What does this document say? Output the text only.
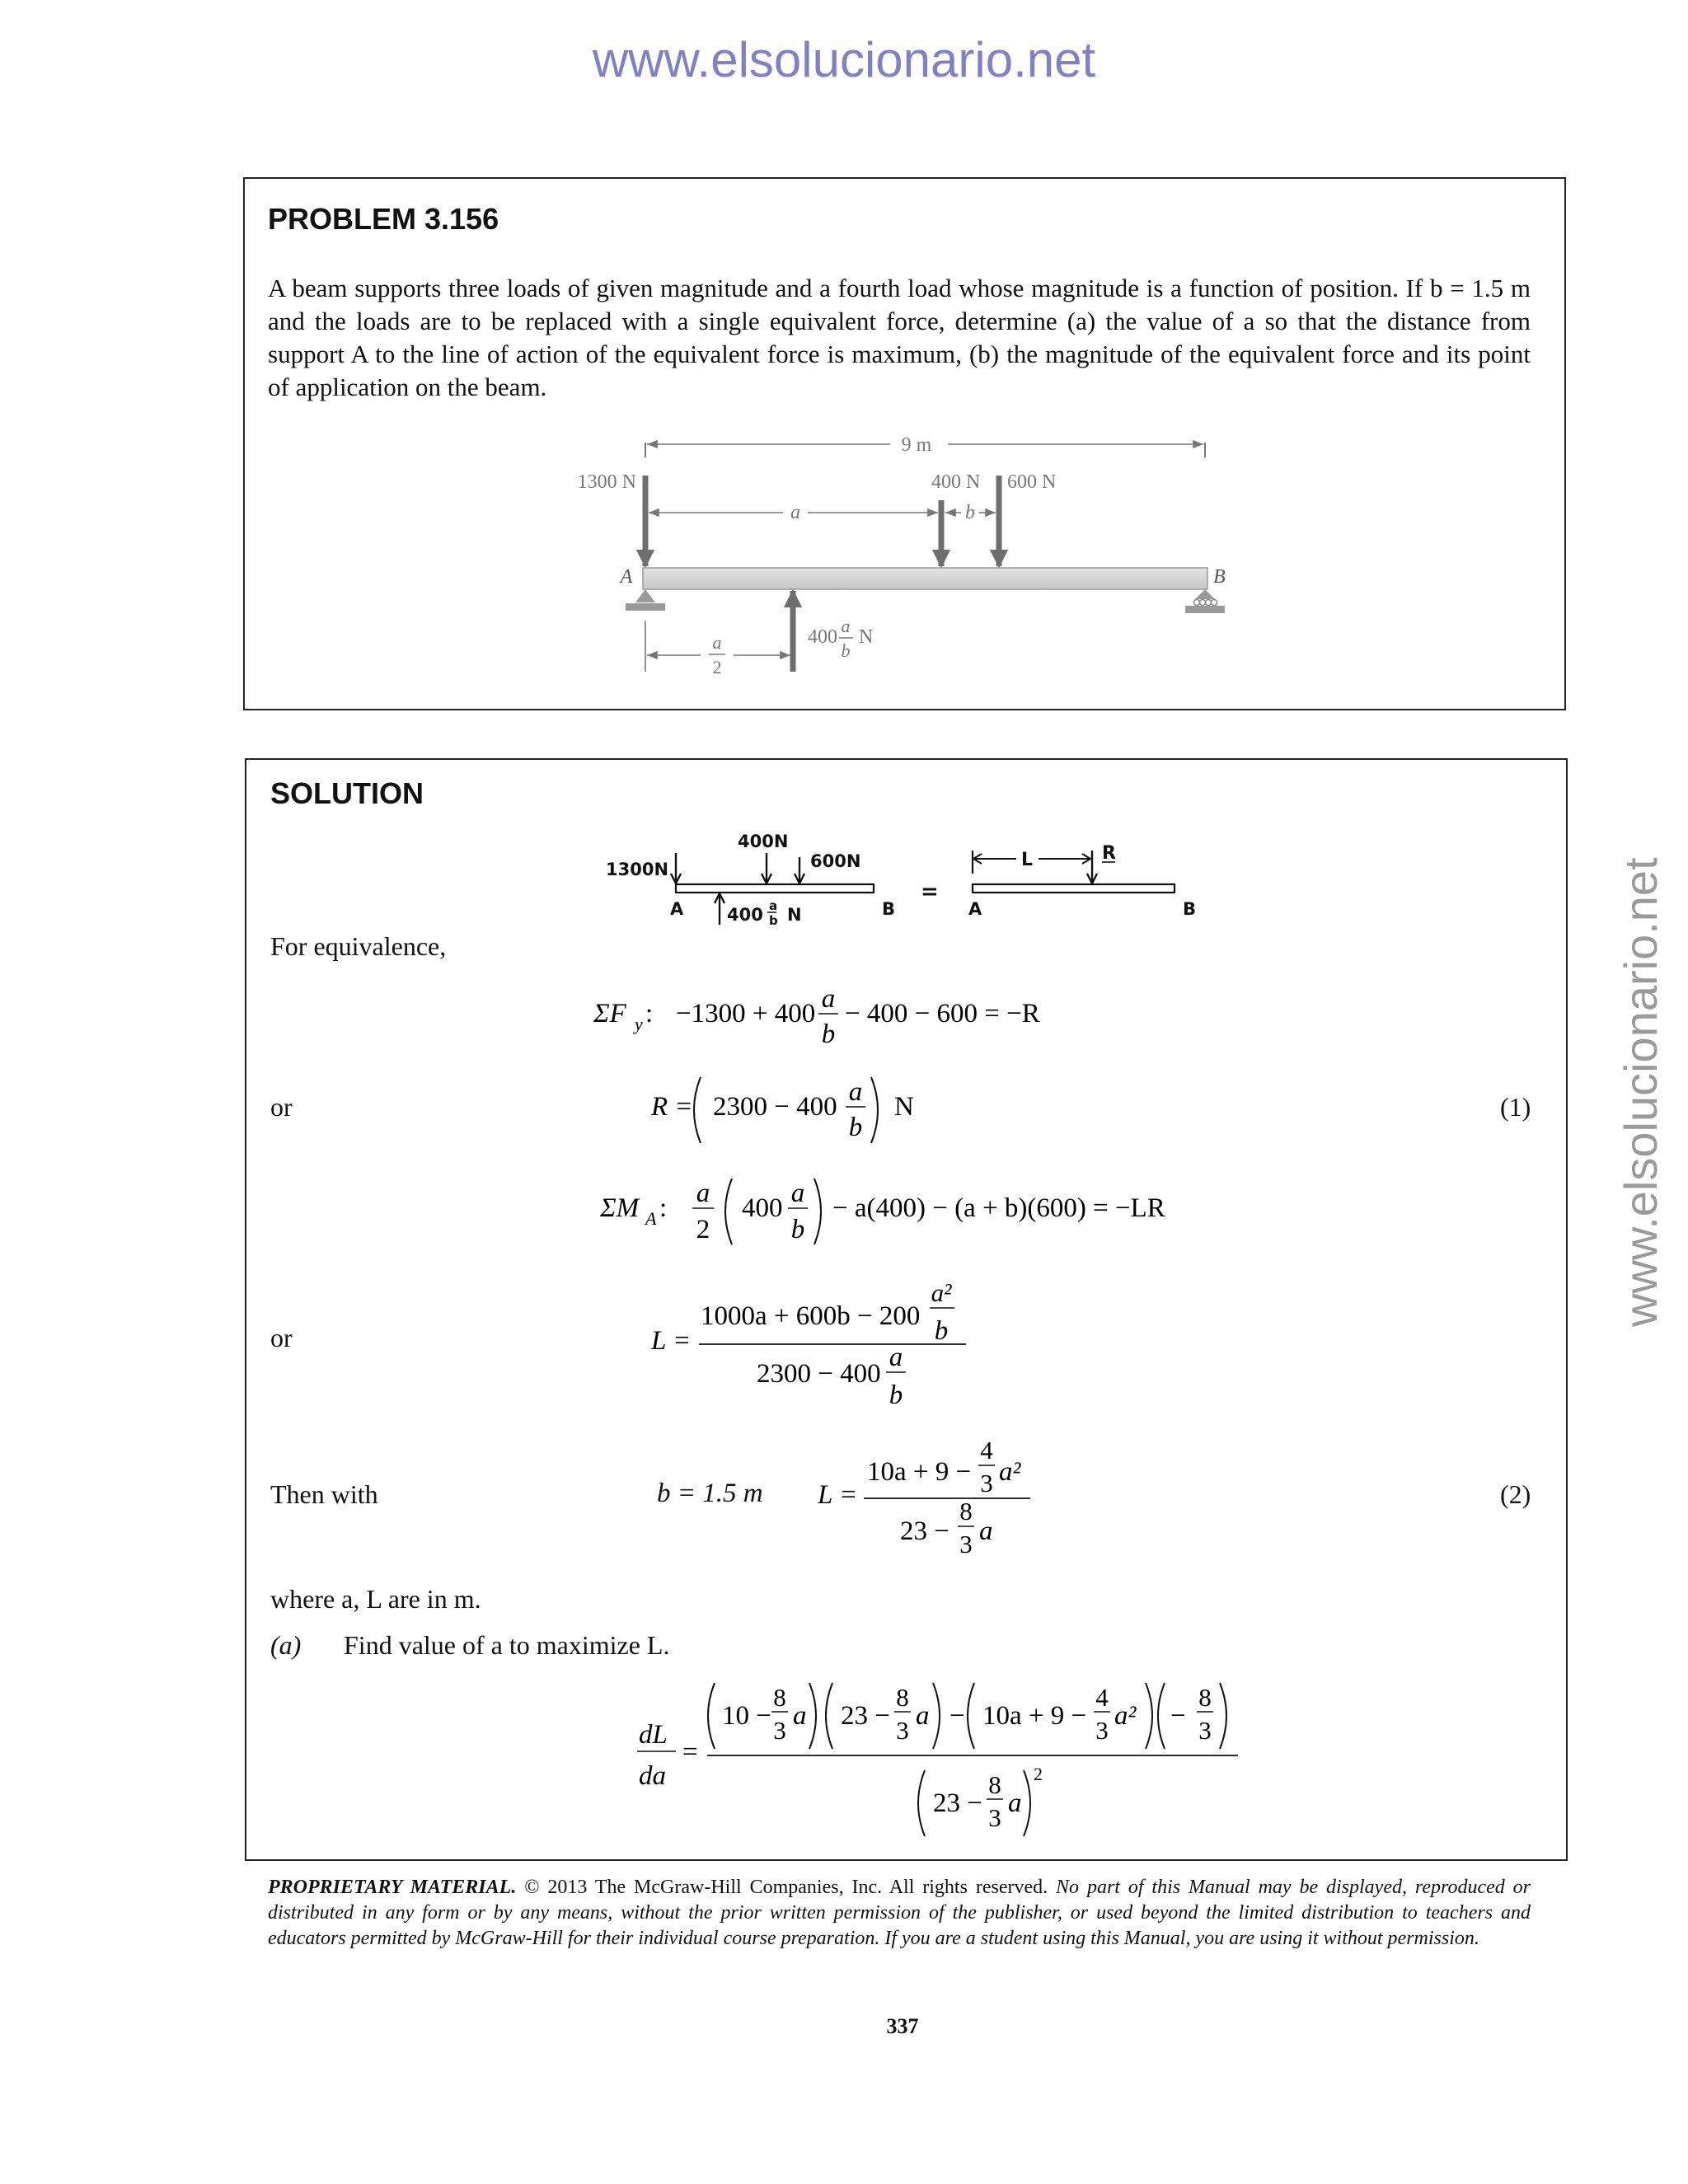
www.elsolucionario.net
www.elsolucionario.net
PROBLEM 3.156
A beam supports three loads of given magnitude and a fourth load whose magnitude is a function of position. If b = 1.5 m and the loads are to be replaced with a single equivalent force, determine (a) the value of a so that the distance from support A to the line of action of the equivalent force is maximum, (b) the magnitude of the equivalent force and its point of application on the beam.
9 m
1300 N	400 N 600 N
a	b
A	B
400
a
b
N
a
2
SOLUTION
1300N
400N
600N
400 a
b N
A	B
=
L	R
A	B
For equivalence,
ΣF y : −1300 + 400 a
b
− 400 − 600 = −R
or	R = 2300 − 400 a
b
N	(1)
ΣM A : a
2
400 a
b
− a(400) − (a + b)(600) = −LR
or	L =
1000a + 600b − 200
a²
b
2300 − 400
a
b
Then with	b = 1.5 m L =
10a + 9 −
4
3 a²
23 −
8
3 a
(2)
where a, L are in m.
(a) Find value of a to maximize L.
dL
da
=
10 −
8
3 a 23 −
8
3 a − 10a + 9 −
4
3 a² −
8
3
23 −
8
3 a
2
PROPRIETARY MATERIAL. © 2013 The McGraw-Hill Companies, Inc. All rights reserved. No part of this Manual may be displayed, reproduced or distributed in any form or by any means, without the prior written permission of the publisher, or used beyond the limited distribution to teachers and educators permitted by McGraw-Hill for their individual course preparation. If you are a student using this Manual, you are using it without permission.
337
